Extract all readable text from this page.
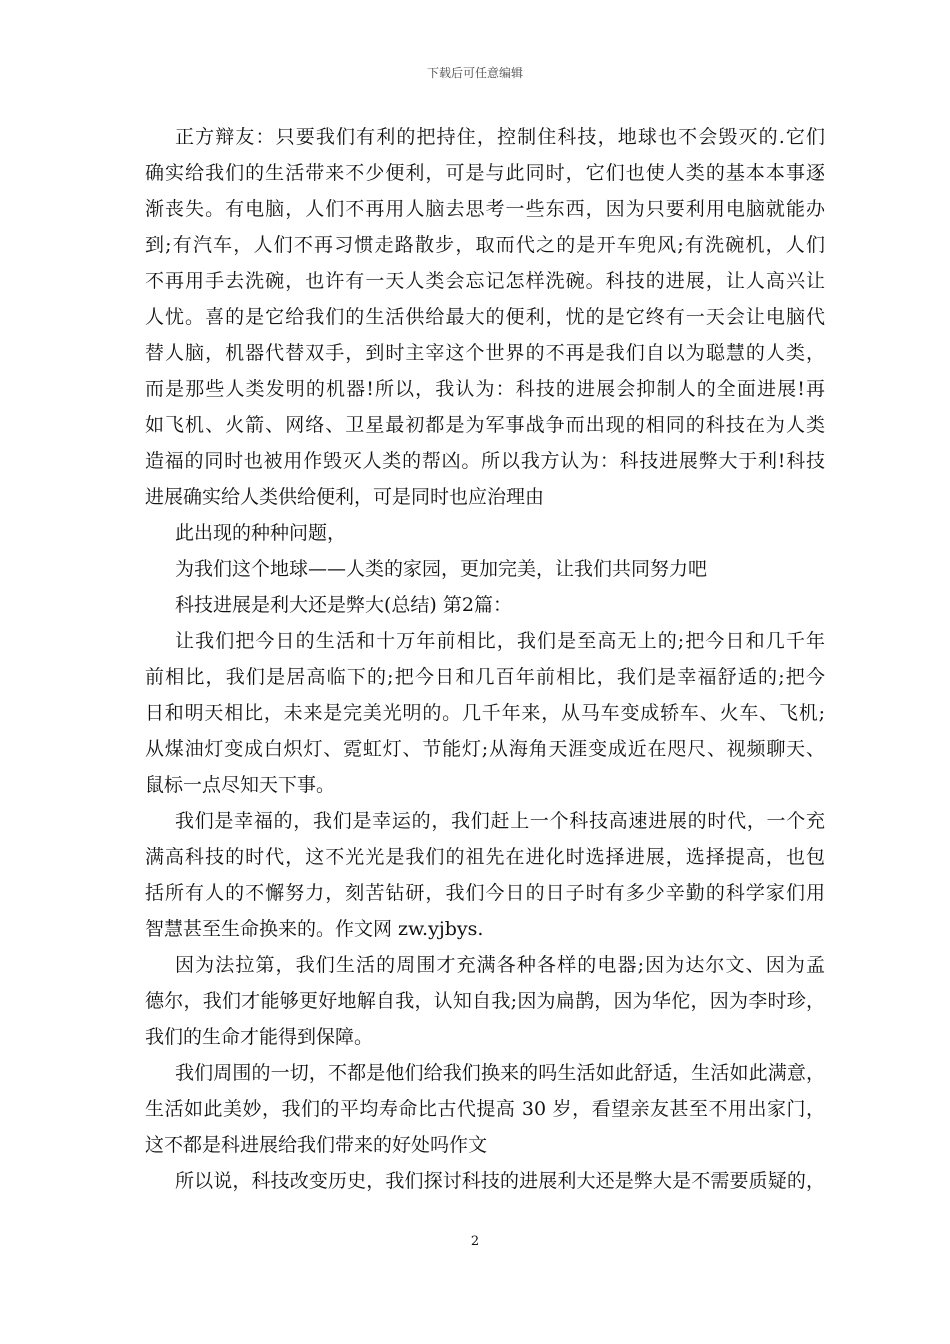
下载后可任意编辑
正方辩友：只要我们有利的把持住，控制住科技，地球也不会毁灭的.它们
确实给我们的生活带来不少便利，可是与此同时，它们也使人类的基本本事逐
渐丧失。有电脑，人们不再用人脑去思考一些东西，因为只要利用电脑就能办
到;有汽车，人们不再习惯走路散步，取而代之的是开车兜风;有洗碗机，人们
不再用手去洗碗，也许有一天人类会忘记怎样洗碗。科技的进展，让人高兴让
人忧。喜的是它给我们的生活供给最大的便利，忧的是它终有一天会让电脑代
替人脑，机器代替双手，到时主宰这个世界的不再是我们自以为聪慧的人类，
而是那些人类发明的机器!所以，我认为：科技的进展会抑制人的全面进展!再
如飞机、火箭、网络、卫星最初都是为军事战争而出现的相同的科技在为人类
造福的同时也被用作毁灭人类的帮凶。所以我方认为：科技进展弊大于利!科技
进展确实给人类供给便利，可是同时也应治理由
此出现的种种问题，
为我们这个地球——人类的家园，更加完美，让我们共同努力吧
科技进展是利大还是弊大(总结) 第2篇：
让我们把今日的生活和十万年前相比，我们是至高无上的;把今日和几千年
前相比，我们是居高临下的;把今日和几百年前相比，我们是幸福舒适的;把今
日和明天相比，未来是完美光明的。几千年来，从马车变成轿车、火车、飞机;
从煤油灯变成白炽灯、霓虹灯、节能灯;从海角天涯变成近在咫尺、视频聊天、
鼠标一点尽知天下事。
我们是幸福的，我们是幸运的，我们赶上一个科技高速进展的时代，一个充
满高科技的时代，这不光光是我们的祖先在进化时选择进展，选择提高，也包
括所有人的不懈努力，刻苦钻研，我们今日的日子时有多少辛勤的科学家们用
智慧甚至生命换来的。作文网 zw.yjbys.
因为法拉第，我们生活的周围才充满各种各样的电器;因为达尔文、因为孟
德尔，我们才能够更好地解自我，认知自我;因为扁鹊，因为华佗，因为李时珍，
我们的生命才能得到保障。
我们周围的一切，不都是他们给我们换来的吗生活如此舒适，生活如此满意，
生活如此美妙，我们的平均寿命比古代提高 30 岁，看望亲友甚至不用出家门，
这不都是科进展给我们带来的好处吗作文
所以说，科技改变历史，我们探讨科技的进展利大还是弊大是不需要质疑的，
2
